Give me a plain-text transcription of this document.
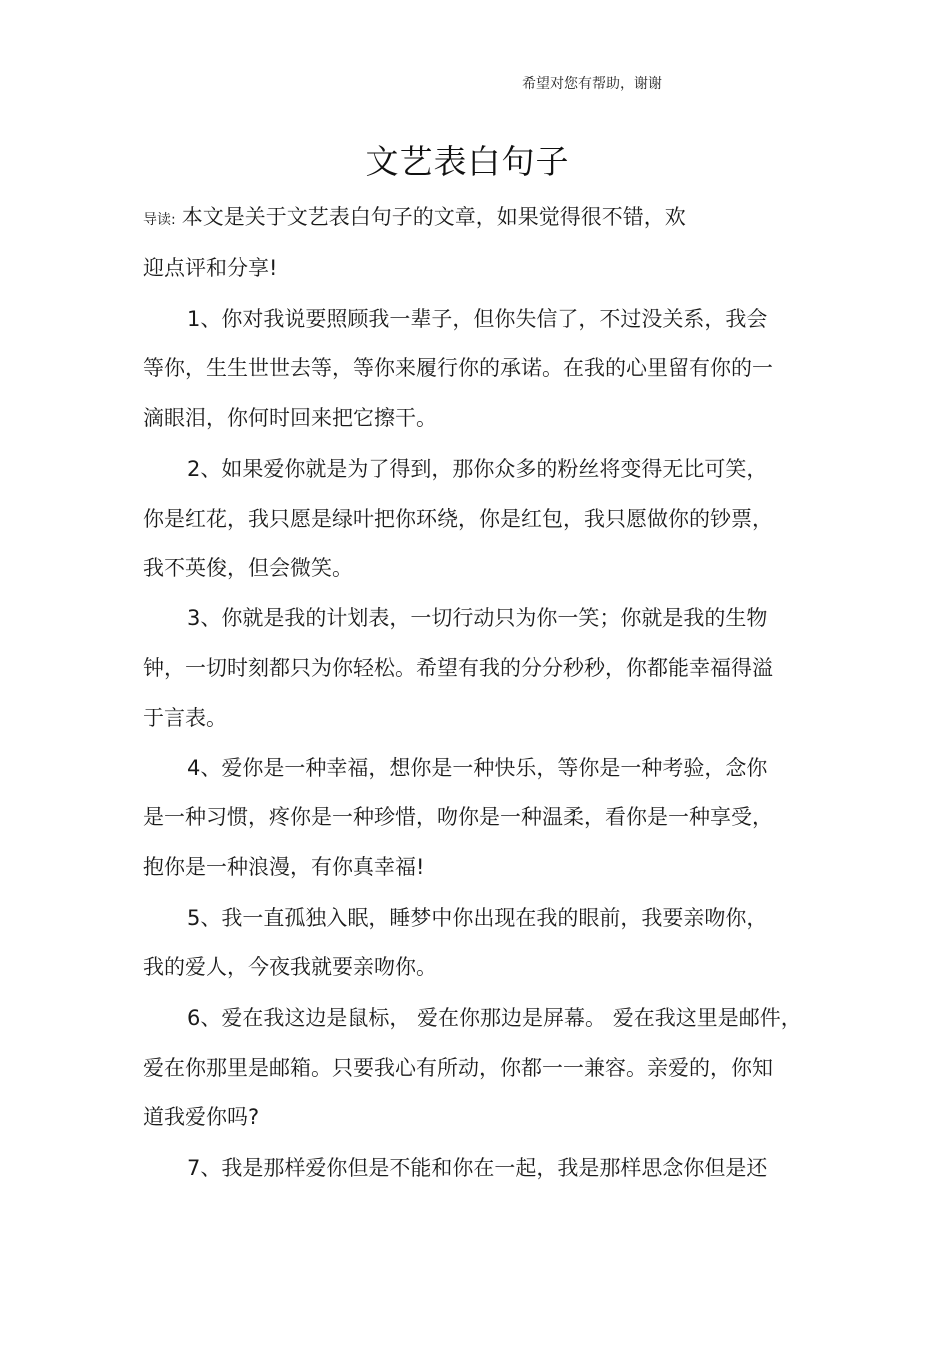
希望对您有帮助，谢谢
文艺表白句子
导读: 本文是关于文艺表白句子的文章，如果觉得很不错，欢
迎点评和分享!
1、你对我说要照顾我一辈子，但你失信了，不过没关系，我会
等你，生生世世去等，等你来履行你的承诺。在我的心里留有你的一
滴眼泪，你何时回来把它擦干。
2、如果爱你就是为了得到，那你众多的粉丝将变得无比可笑，
你是红花，我只愿是绿叶把你环绕，你是红包，我只愿做你的钞票，
我不英俊，但会微笑。
3、你就是我的计划表，一切行动只为你一笑；你就是我的生物
钟，一切时刻都只为你轻松。希望有我的分分秒秒，你都能幸福得溢
于言表。
4、爱你是一种幸福，想你是一种快乐，等你是一种考验，念你
是一种习惯，疼你是一种珍惜，吻你是一种温柔，看你是一种享受，
抱你是一种浪漫，有你真幸福!
5、我一直孤独入眠，睡梦中你出现在我的眼前，我要亲吻你，
我的爱人，今夜我就要亲吻你。
6、爱在我这边是鼠标， 爱在你那边是屏幕。 爱在我这里是邮件，
爱在你那里是邮箱。只要我心有所动，你都一一兼容。亲爱的，你知
道我爱你吗?
7、我是那样爱你但是不能和你在一起，我是那样思念你但是还
